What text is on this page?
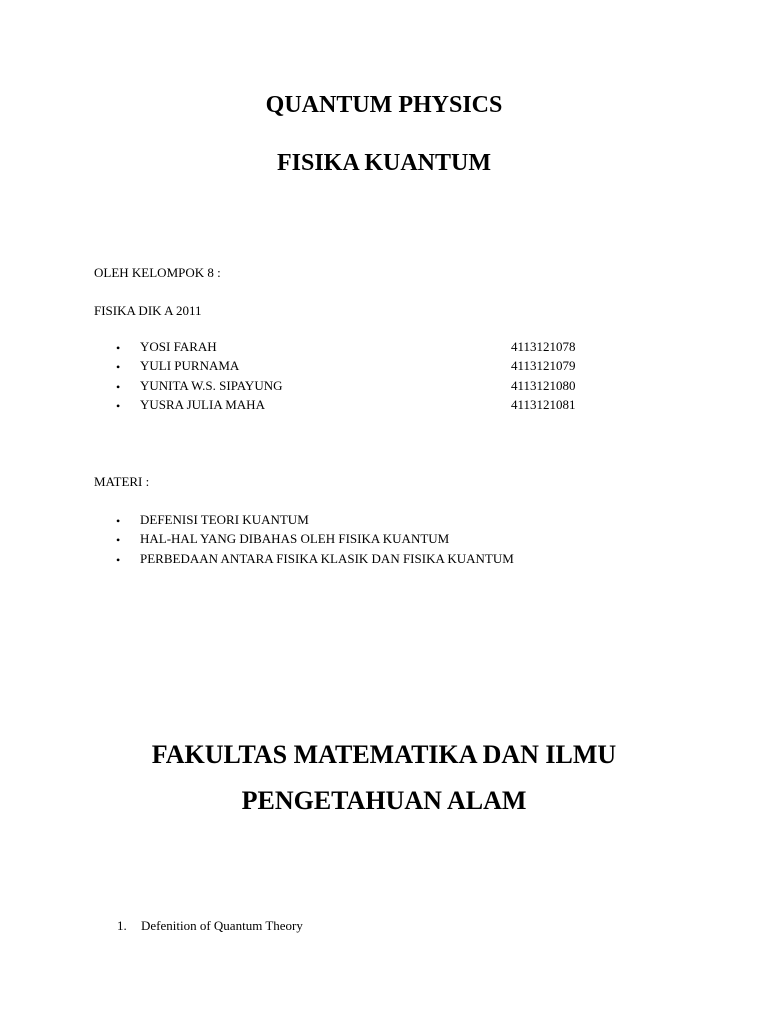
QUANTUM PHYSICS
FISIKA KUANTUM

OLEH KELOMPOK 8 :

FISIKA DIK A 2011

• YOSI FARAH	4113121078
• YULI PURNAMA	4113121079
• YUNITA W.S. SIPAYUNG	4113121080
• YUSRA JULIA MAHA	4113121081

MATERI :

• DEFENISI TEORI KUANTUM
• HAL-HAL YANG DIBAHAS OLEH FISIKA KUANTUM
• PERBEDAAN ANTARA FISIKA KLASIK DAN FISIKA KUANTUM
FAKULTAS MATEMATIKA DAN ILMU
PENGETAHUAN ALAM
1. Defenition of Quantum Theory
